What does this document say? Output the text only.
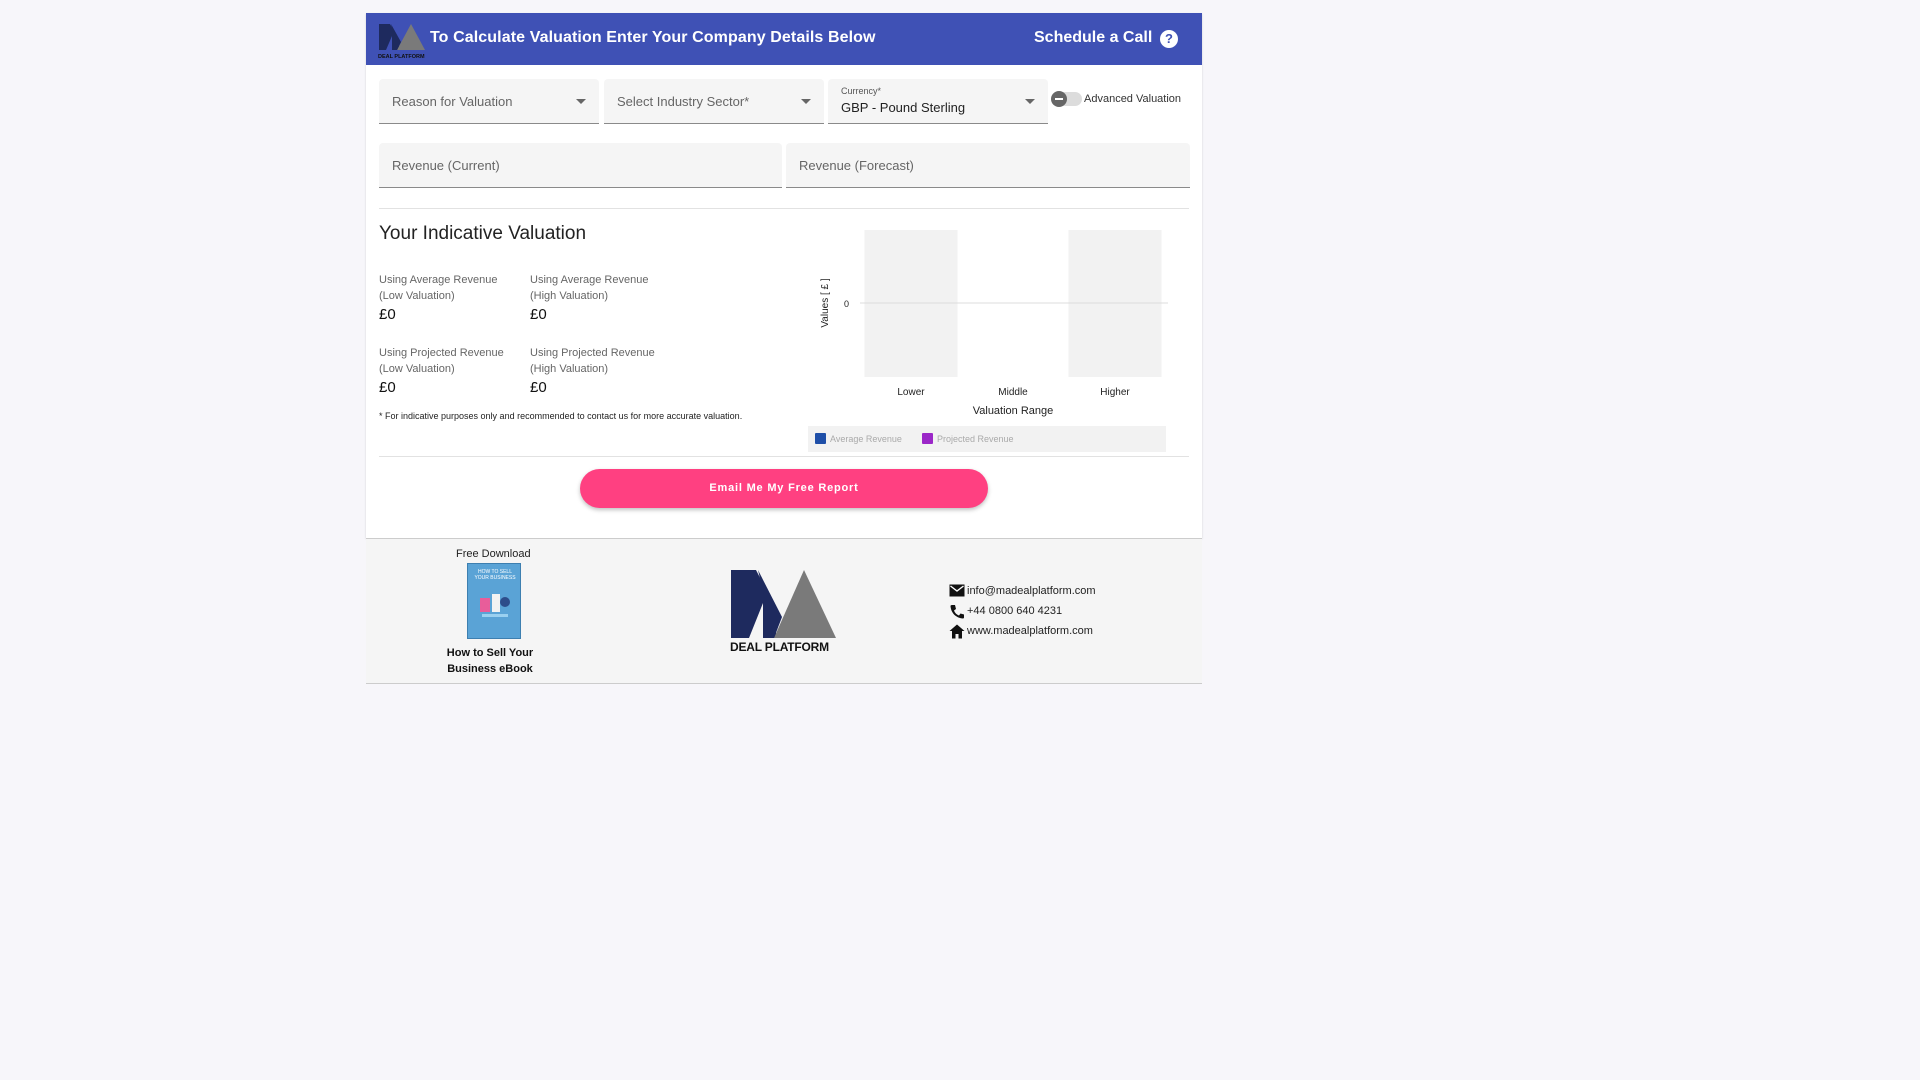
DEAL PLATFORM
To Calculate Valuation Enter Your Company Details Below	Schedule a Call ?
Reason for Valuation	Select Industry Sector*
Currency*
GBP - Pound Sterling
Advanced Valuation
Revenue (Current)
Revenue (Forecast)
Your Indicative Valuation
Using Average Revenue
(Low Valuation)
£0
Using Average Revenue
(High Valuation)
£0
Using Projected Revenue
(Low Valuation)
£0
Using Projected Revenue
(High Valuation)
£0
* For indicative purposes only and recommended to contact us for more accurate valuation.
0
Values [ £ ]
Lower	Middle	Higher
Valuation Range
Average Revenue	Projected Revenue
Email Me My Free Report
Free Download
HOW TO SELL YOUR BUSINESS
How to Sell Your Business eBook
DEAL PLATFORM
info@madealplatform.com
+44 0800 640 4231
www.madealplatform.com
